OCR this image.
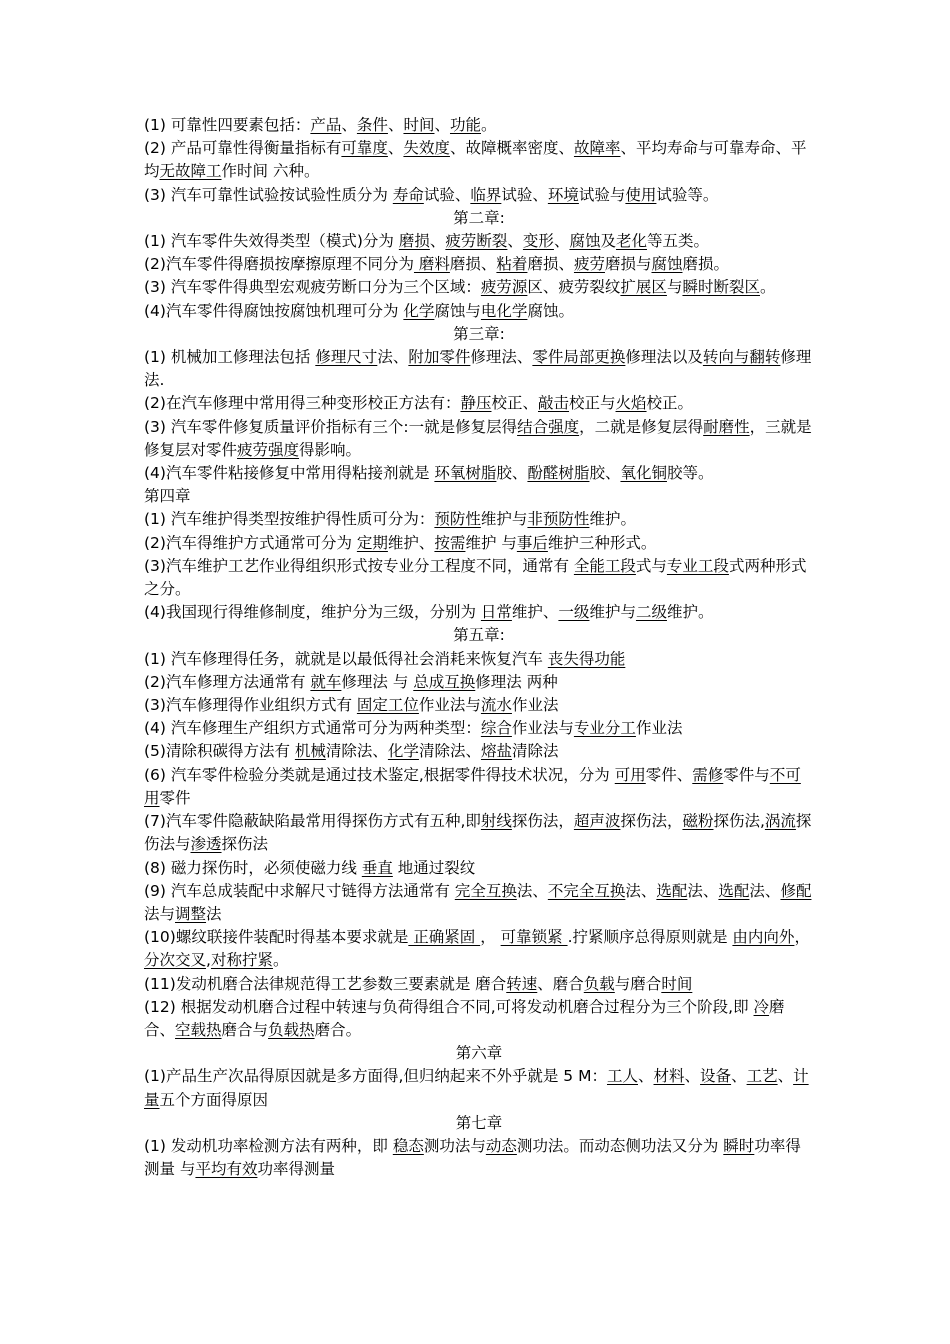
(1) 可靠性四要素包括：产品、条件、时间、功能。

(2) 产品可靠性得衡量指标有可靠度、失效度、故障概率密度、故障率、平均寿命与可靠寿命、平均无故障工作时间 六种。

(3) 汽车可靠性试验按试验性质分为 寿命试验、临界试验、环境试验与使用试验等。

第二章:

(1) 汽车零件失效得类型（模式)分为 磨损、疲劳断裂、变形、腐蚀及老化等五类。

(2)汽车零件得磨损按摩擦原理不同分为 磨料磨损、粘着磨损、疲劳磨损与腐蚀磨损。

(3) 汽车零件得典型宏观疲劳断口分为三个区域：疲劳源区、疲劳裂纹扩展区与瞬时断裂区。

(4)汽车零件得腐蚀按腐蚀机理可分为 化学腐蚀与电化学腐蚀。

第三章:

(1) 机械加工修理法包括 修理尺寸法、附加零件修理法、零件局部更换修理法以及转向与翻转修理法.

(2)在汽车修理中常用得三种变形校正方法有：静压校正、敲击校正与火焰校正。

(3) 汽车零件修复质量评价指标有三个:一就是修复层得结合强度，二就是修复层得耐磨性，三就是修复层对零件疲劳强度得影响。

(4)汽车零件粘接修复中常用得粘接剂就是 环氧树脂胶、酚醛树脂胶、氧化铜胶等。

第四章

(1) 汽车维护得类型按维护得性质可分为：预防性维护与非预防性维护。

(2)汽车得维护方式通常可分为 定期维护、按需维护 与事后维护三种形式。

(3)汽车维护工艺作业得组织形式按专业分工程度不同，通常有 全能工段式与专业工段式两种形式之分。

(4)我国现行得维修制度，维护分为三级，分别为 日常维护、一级维护与二级维护。

第五章:

(1) 汽车修理得任务，就就是以最低得社会消耗来恢复汽车 丧失得功能

(2)汽车修理方法通常有 就车修理法 与 总成互换修理法 两种

(3)汽车修理得作业组织方式有 固定工位作业法与流水作业法

(4) 汽车修理生产组织方式通常可分为两种类型：综合作业法与专业分工作业法

(5)清除积碳得方法有 机械清除法、化学清除法、熔盐清除法

(6) 汽车零件检验分类就是通过技术鉴定,根据零件得技术状况，分为 可用零件、需修零件与不可用零件

(7)汽车零件隐蔽缺陷最常用得探伤方式有五种,即射线探伤法，超声波探伤法，磁粉探伤法,涡流探伤法与渗透探伤法

(8) 磁力探伤时，必须使磁力线 垂直 地通过裂纹

(9) 汽车总成装配中求解尺寸链得方法通常有 完全互换法、不完全互换法、选配法、选配法、修配法与调整法

(10)螺纹联接件装配时得基本要求就是 正确紧固 ， 可靠锁紧 .拧紧顺序总得原则就是 由内向外，分次交叉,对称拧紧。

(11)发动机磨合法律规范得工艺参数三要素就是 磨合转速、磨合负载与磨合时间

(12) 根据发动机磨合过程中转速与负荷得组合不同,可将发动机磨合过程分为三个阶段,即 冷磨合、空载热磨合与负载热磨合。

第六章

(1)产品生产次品得原因就是多方面得,但归纳起来不外乎就是 5 M：工人、材料、设备、工艺、计量五个方面得原因

第七章

(1) 发动机功率检测方法有两种，即 稳态测功法与动态测功法。而动态侧功法又分为 瞬时功率得测量 与平均有效功率得测量
